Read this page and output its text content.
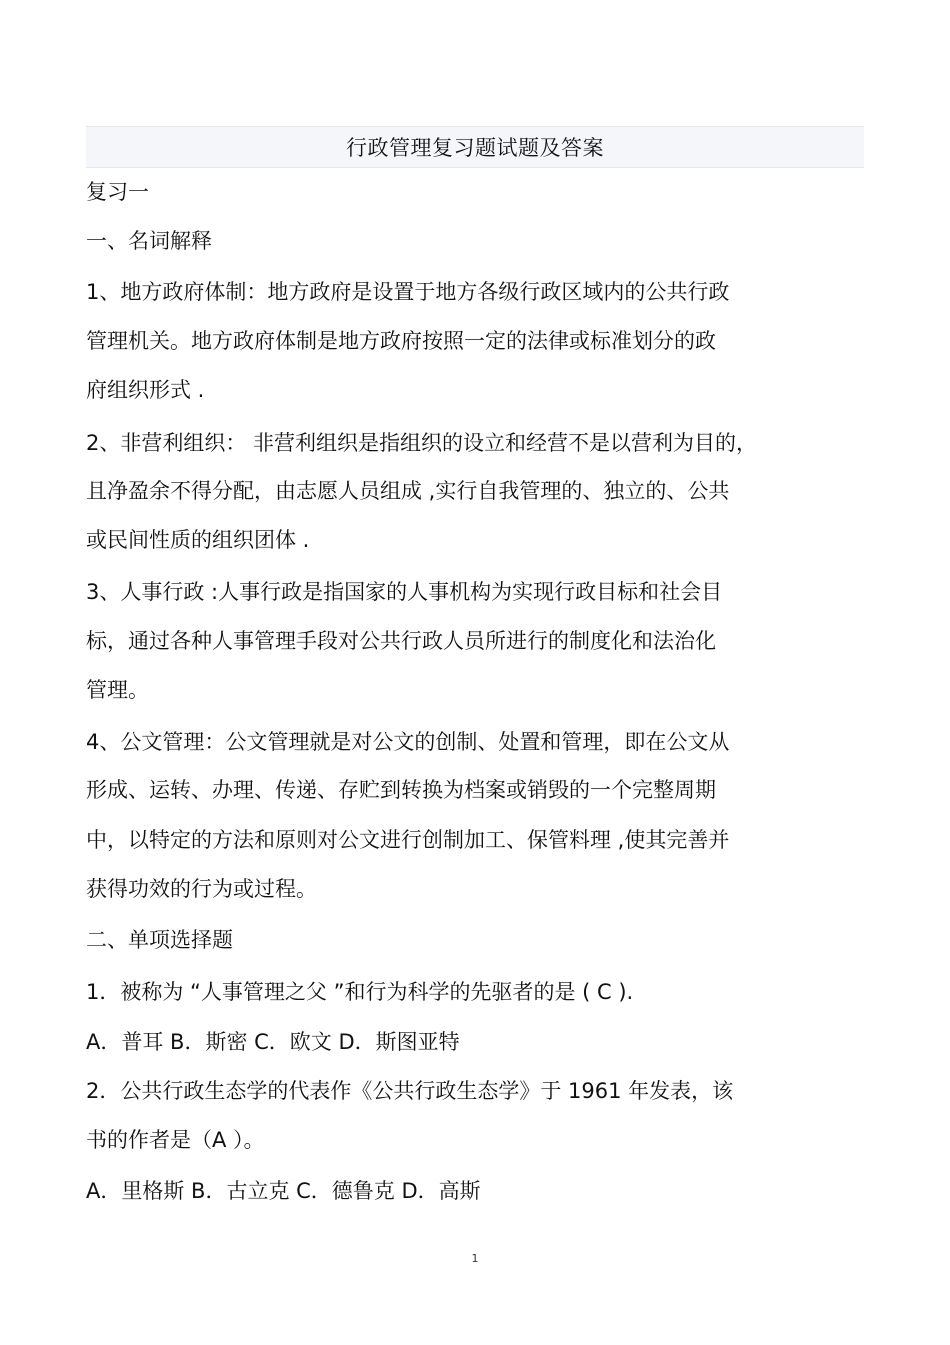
行政管理复习题试题及答案
复习一
一、名词解释
1、地方政府体制：地方政府是设置于地方各级行政区域内的公共行政
管理机关。地方政府体制是地方政府按照一定的法律或标准划分的政
府组织形式 .
2、非营利组织： 非营利组织是指组织的设立和经营不是以营利为目的，
且净盈余不得分配，由志愿人员组成 ,实行自我管理的、独立的、公共
或民间性质的组织团体 .
3、人事行政 :人事行政是指国家的人事机构为实现行政目标和社会目
标，通过各种人事管理手段对公共行政人员所进行的制度化和法治化
管理。
4、公文管理：公文管理就是对公文的创制、处置和管理，即在公文从
形成、运转、办理、传递、存贮到转换为档案或销毁的一个完整周期
中，以特定的方法和原则对公文进行创制加工、保管料理 ,使其完善并
获得功效的行为或过程。
二、单项选择题
1．被称为 “人事管理之父 ”和行为科学的先驱者的是 ( C ).
A．普耳 B．斯密 C．欧文 D．斯图亚特
2．公共行政生态学的代表作《公共行政生态学》于 1961 年发表，该
书的作者是（A ）。
A．里格斯 B．古立克 C．德鲁克 D．高斯
1
